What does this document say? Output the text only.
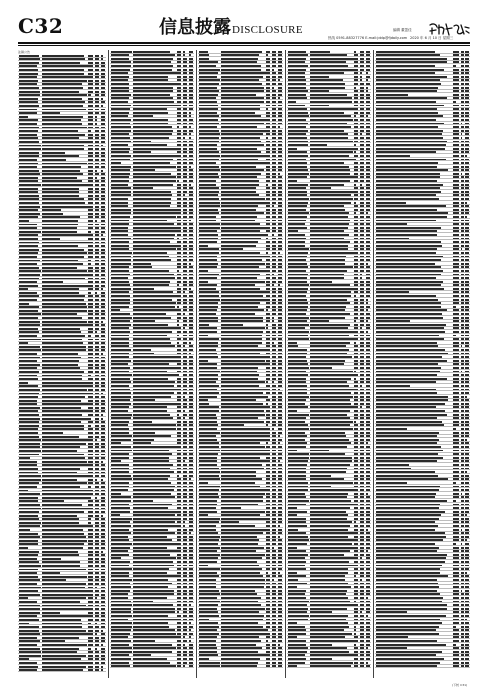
C32	信息披露DISCLOSURE	编辑 董盈佳
热线 0591-88327776 E-mail:jddp@fjdaily.com 2020 年 6 月 10 日 星期三
注销公告
(下转 C31)
